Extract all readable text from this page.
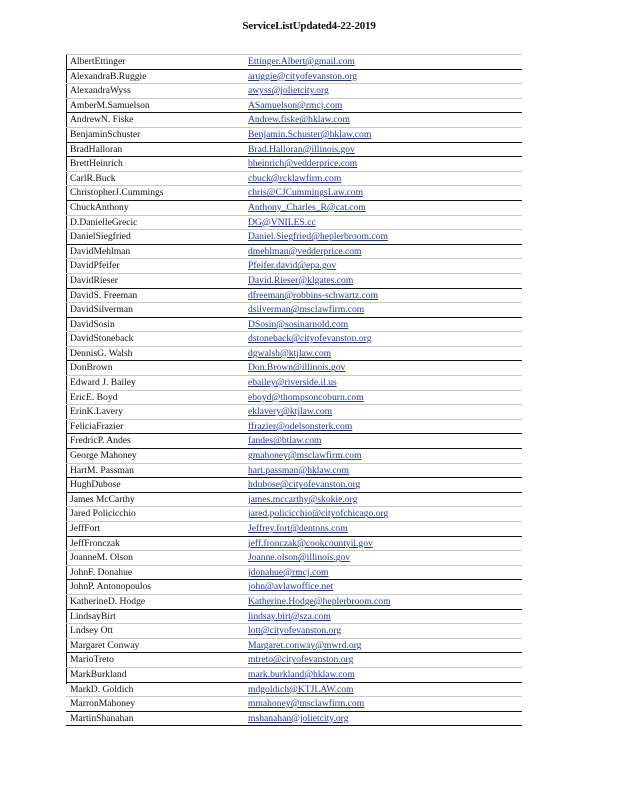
ServiceListUpdated4-22-2019
AlbertEttinger	Ettinger.Albert@gmail.com
AlexandraB.Ruggie	aruggie@cityofevanston.org
AlexandraWyss	awyss@jolietcity.org
AmberM.Samuelson	ASamuelson@rmcj.com
AndrewN. Fiske	Andrew.fiske@hklaw.com
BenjaminSchuster	Benjamin.Schuster@hklaw.com
BradHalloran	Brad.Halloran@illinois.gov
BrettHeinrich	bheinrich@vedderprice.com
CarlR.Buck	cbuck@rcklawfirm.com
ChristopherJ.Cummings	chris@CJCummingsLaw.com
ChuckAnthony	Anthony_Charles_R@cat.com
D.DanielleGrecic	DG@VNILES.cc
DanielSiegfried	Daniel.Siegfried@heplerbroom.com
DavidMehlman	dmehlman@vedderprice.com
DavidPfeifer	Pfeifer.david@epa.gov
DavidRieser	David.Rieser@klgates.com
DavidS. Freeman	dfreeman@robbins-schwartz.com
DavidSilverman	dsilverman@msclawfirm.com
DavidSosin	DSosin@sosinarnold.com
DavidStoneback	dstoneback@cityofevanston.org
DennisG. Walsh	dgwalsh@ktjlaw.com
DonBrown	Don.Brown@illinois.gov
Edward J. Bailey	ebailey@riverside.il.us
EricE. Boyd	eboyd@thompsoncoburn.com
ErinK.Lavery	eklavery@ktjlaw.com
FeliciaFrazier	ffrazier@odelsonsterk.com
FredricP. Andes	fandes@btlaw.com
George Mahoney	gmahoney@msclawfirm.com
HartM. Passman	hart.passman@hklaw.com
HughDubose	hdubose@cityofevanston.org
James McCarthy	james.mccarthy@skokie.org
Jared Policicchio	jared.policicchio@cityofchicago.org
JeffFort	Jeffrey.fort@dentons.com
JeffFronczak	jeff.fronczak@cookcountyil.gov
JoanneM. Olson	Joanne.olson@illinois.gov
JohnF. Donahue	jdonahue@rmcj.com
JohnP. Antonopoulos	john@avlawoffice.net
KatherineD. Hodge	Katherine.Hodge@heplerbroom.com
LindsayBirt	lindsay.birt@sza.com
Lndsey Ott	lott@cityofevanston.org
Margaret Conway	Margaret.conway@mwrd.org
MarioTreto	mtreto@cityofevanston.org
MarkBurkland	mark.burkland@hklaw.com
MarkD. Goldich	mdgoldich@KTJLAW.com
MarronMahoney	mmahoney@msclawfirm.com
MartinShanahan	mshanahan@jolietcity.org
